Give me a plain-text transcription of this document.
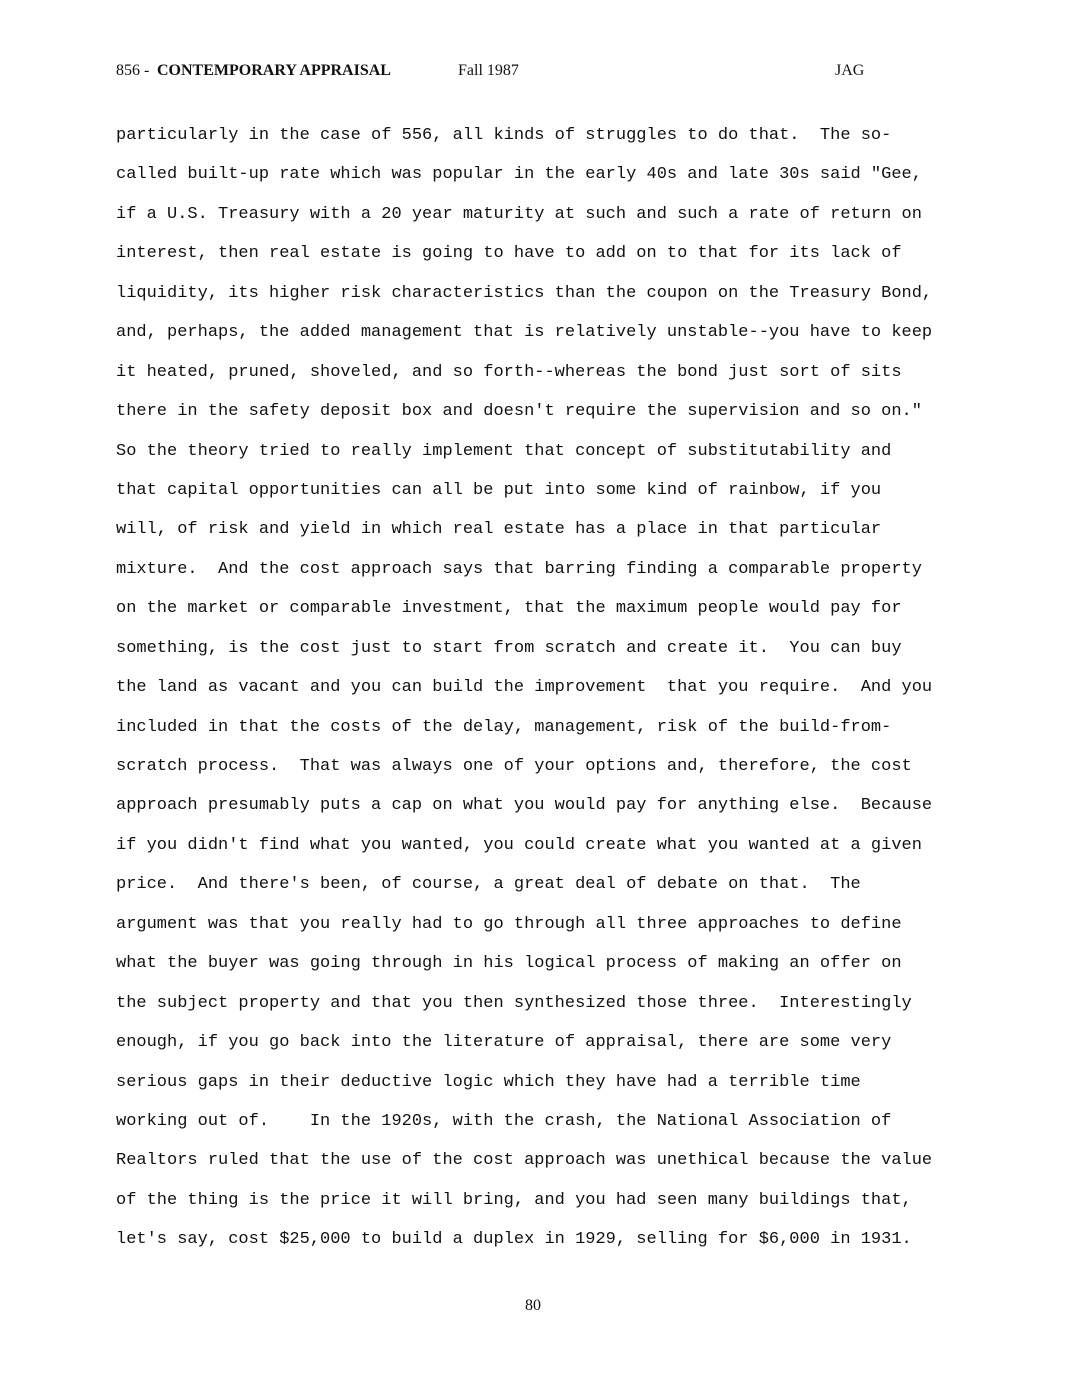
856 - CONTEMPORARY APPRAISAL	Fall 1987	JAG
particularly in the case of 556, all kinds of struggles to do that.  The so-
called built-up rate which was popular in the early 40s and late 30s said "Gee,
if a U.S. Treasury with a 20 year maturity at such and such a rate of return on
interest, then real estate is going to have to add on to that for its lack of
liquidity, its higher risk characteristics than the coupon on the Treasury Bond,
and, perhaps, the added management that is relatively unstable--you have to keep
it heated, pruned, shoveled, and so forth--whereas the bond just sort of sits
there in the safety deposit box and doesn't require the supervision and so on."
So the theory tried to really implement that concept of substitutability and
that capital opportunities can all be put into some kind of rainbow, if you
will, of risk and yield in which real estate has a place in that particular
mixture.  And the cost approach says that barring finding a comparable property
on the market or comparable investment, that the maximum people would pay for
something, is the cost just to start from scratch and create it.  You can buy
the land as vacant and you can build the improvement  that you require.  And you
included in that the costs of the delay, management, risk of the build-from-
scratch process.  That was always one of your options and, therefore, the cost
approach presumably puts a cap on what you would pay for anything else.  Because
if you didn't find what you wanted, you could create what you wanted at a given
price.  And there's been, of course, a great deal of debate on that.  The
argument was that you really had to go through all three approaches to define
what the buyer was going through in his logical process of making an offer on
the subject property and that you then synthesized those three.  Interestingly
enough, if you go back into the literature of appraisal, there are some very
serious gaps in their deductive logic which they have had a terrible time
working out of.    In the 1920s, with the crash, the National Association of
Realtors ruled that the use of the cost approach was unethical because the value
of the thing is the price it will bring, and you had seen many buildings that,
let's say, cost $25,000 to build a duplex in 1929, selling for $6,000 in 1931.
80
